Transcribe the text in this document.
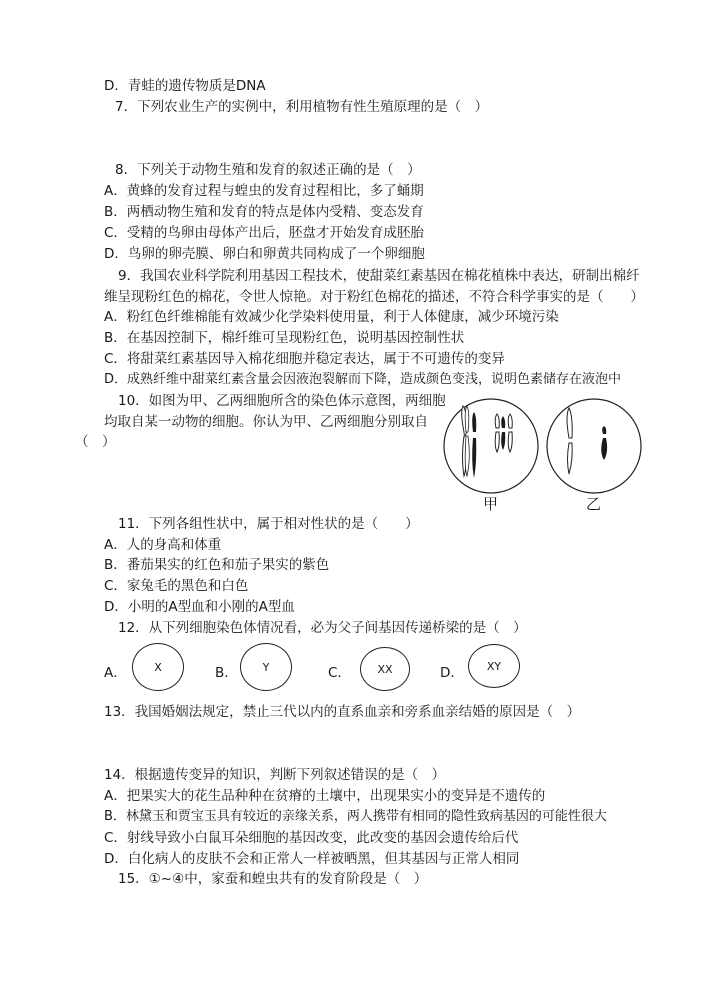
D．青蛙的遗传物质是DNA
7．下列农业生产的实例中，利用植物有性生殖原理的是（　）
8．下列关于动物生殖和发育的叙述正确的是（　）
A．黄蜂的发育过程与蝗虫的发育过程相比，多了蛹期
B．两栖动物生殖和发育的特点是体内受精、变态发育
C．受精的鸟卵由母体产出后，胚盘才开始发育成胚胎
D．鸟卵的卵壳膜、卵白和卵黄共同构成了一个卵细胞
9．我国农业科学院利用基因工程技术，使甜菜红素基因在棉花植株中表达，研制出棉纤
维呈现粉红色的棉花，令世人惊艳。对于粉红色棉花的描述，不符合科学事实的是（　　）
A．粉红色纤维棉能有效减少化学染料使用量，利于人体健康，减少环境污染
B．在基因控制下，棉纤维可呈现粉红色，说明基因控制性状
C．将甜菜红素基因导入棉花细胞并稳定表达，属于不可遗传的变异
D．成熟纤维中甜菜红素含量会因液泡裂解而下降，造成颜色变浅，说明色素储存在液泡中
10．如图为甲、乙两细胞所含的染色体示意图，两细胞
均取自某一动物的细胞。你认为甲、乙两细胞分别取自
（　）
甲	乙
11．下列各组性状中，属于相对性状的是（　　）
A．人的身高和体重
B．番茄果实的红色和茄子果实的紫色
C．家兔毛的黑色和白色
D．小明的A型血和小刚的A型血
12．从下列细胞染色体情况看，必为父子间基因传递桥梁的是（　）
A．	X	B．	Y	C．	XX	D．	XY
13．我国婚姻法规定，禁止三代以内的直系血亲和旁系血亲结婚的原因是（　）
14．根据遗传变异的知识，判断下列叙述错误的是（　）
A．把果实大的花生品种种在贫瘠的土壤中，出现果实小的变异是不遗传的
B．林黛玉和贾宝玉具有较近的亲缘关系，两人携带有相同的隐性致病基因的可能性很大
C．射线导致小白鼠耳朵细胞的基因改变，此改变的基因会遗传给后代
D．白化病人的皮肤不会和正常人一样被晒黑，但其基因与正常人相同
15．①~④中，家蚕和蝗虫共有的发育阶段是（　）
